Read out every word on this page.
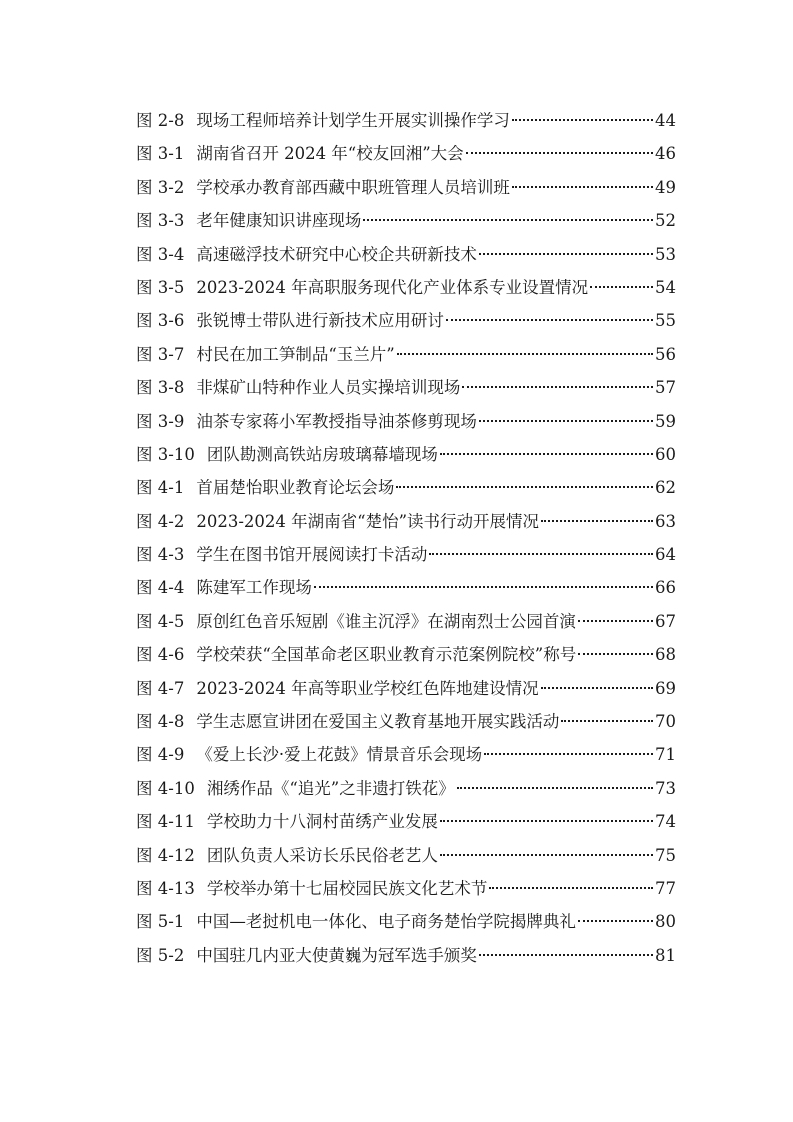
图 2-8 现场工程师培养计划学生开展实训操作学习	44
图 3-1 湖南省召开 2024 年“校友回湘”大会	46
图 3-2 学校承办教育部西藏中职班管理人员培训班	49
图 3-3 老年健康知识讲座现场	52
图 3-4 高速磁浮技术研究中心校企共研新技术	53
图 3-5 2023-2024 年高职服务现代化产业体系专业设置情况	54
图 3-6 张锐博士带队进行新技术应用研讨	55
图 3-7 村民在加工笋制品“玉兰片”	56
图 3-8 非煤矿山特种作业人员实操培训现场	57
图 3-9 油茶专家蒋小军教授指导油茶修剪现场	59
图 3-10 团队勘测高铁站房玻璃幕墙现场	60
图 4-1 首届楚怡职业教育论坛会场	62
图 4-2 2023-2024 年湖南省“楚怡”读书行动开展情况	63
图 4-3 学生在图书馆开展阅读打卡活动	64
图 4-4 陈建军工作现场	66
图 4-5 原创红色音乐短剧《谁主沉浮》在湖南烈士公园首演	67
图 4-6 学校荣获“全国革命老区职业教育示范案例院校”称号	68
图 4-7 2023-2024 年高等职业学校红色阵地建设情况	69
图 4-8 学生志愿宣讲团在爱国主义教育基地开展实践活动	70
图 4-9 《爱上长沙·爱上花鼓》情景音乐会现场	71
图 4-10 湘绣作品《“追光”之非遗打铁花》	73
图 4-11 学校助力十八洞村苗绣产业发展	74
图 4-12 团队负责人采访长乐民俗老艺人	75
图 4-13 学校举办第十七届校园民族文化艺术节	77
图 5-1 中国—老挝机电一体化、电子商务楚怡学院揭牌典礼	80
图 5-2 中国驻几内亚大使黄巍为冠军选手颁奖	81
